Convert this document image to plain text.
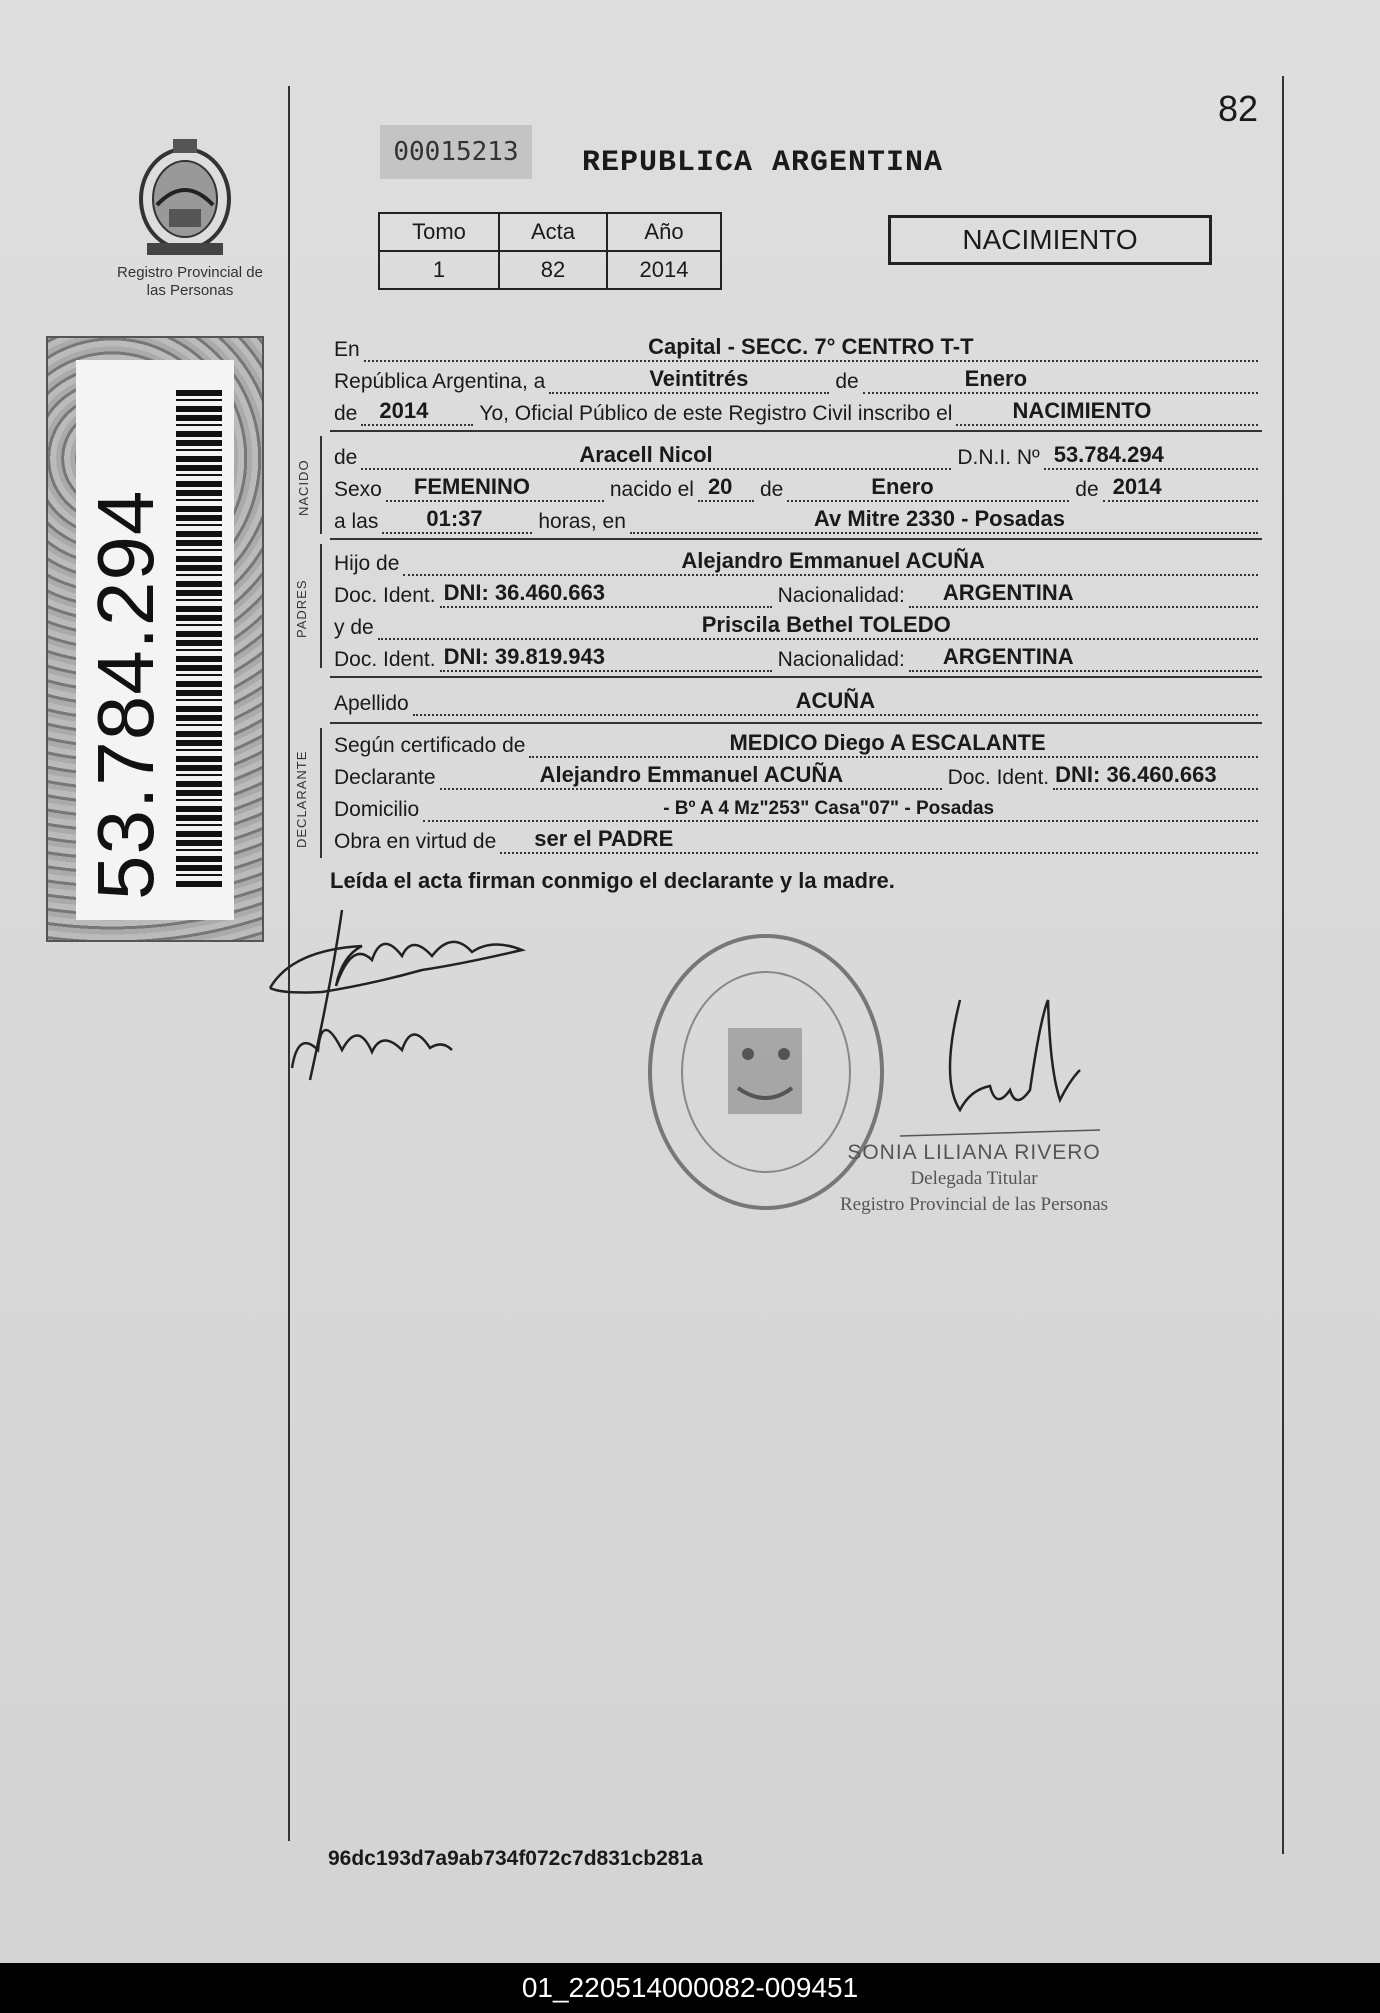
Registro Provincial de las Personas
53.784.294
00015213	REPUBLICA ARGENTINA
82
Tomo	Acta	Año
1	82	2014
NACIMIENTO
En	Capital - SECC. 7° CENTRO T-T
República Argentina, a	Veintitrés	de	Enero
de 2014 Yo, Oficial Público de este Registro Civil inscribo el	NACIMIENTO
NACIDO
de	Aracell Nicol	D.N.I. Nº 53.784.294
Sexo FEMENINO	nacido el 20 de	Enero	de 2014
a las 01:37	horas, en	Av Mitre 2330 - Posadas
PADRES
Hijo de	Alejandro Emmanuel ACUÑA
Doc. Ident. DNI: 36.460.663	Nacionalidad: ARGENTINA
y de	Priscila Bethel TOLEDO
Doc. Ident. DNI: 39.819.943	Nacionalidad: ARGENTINA
Apellido	ACUÑA
DECLARANTE
Según certificado de	MEDICO Diego A ESCALANTE
Declarante	Alejandro Emmanuel ACUÑA	Doc. Ident. DNI: 36.460.663
Domicilio	- Bº A 4 Mz"253" Casa"07" - Posadas
Obra en virtud de ser el PADRE
Leída el acta firman conmigo el declarante y la madre.
SONIA LILIANA RIVERO
Delegada Titular
Registro Provincial de las Personas
96dc193d7a9ab734f072c7d831cb281a
01_220514000082-009451
